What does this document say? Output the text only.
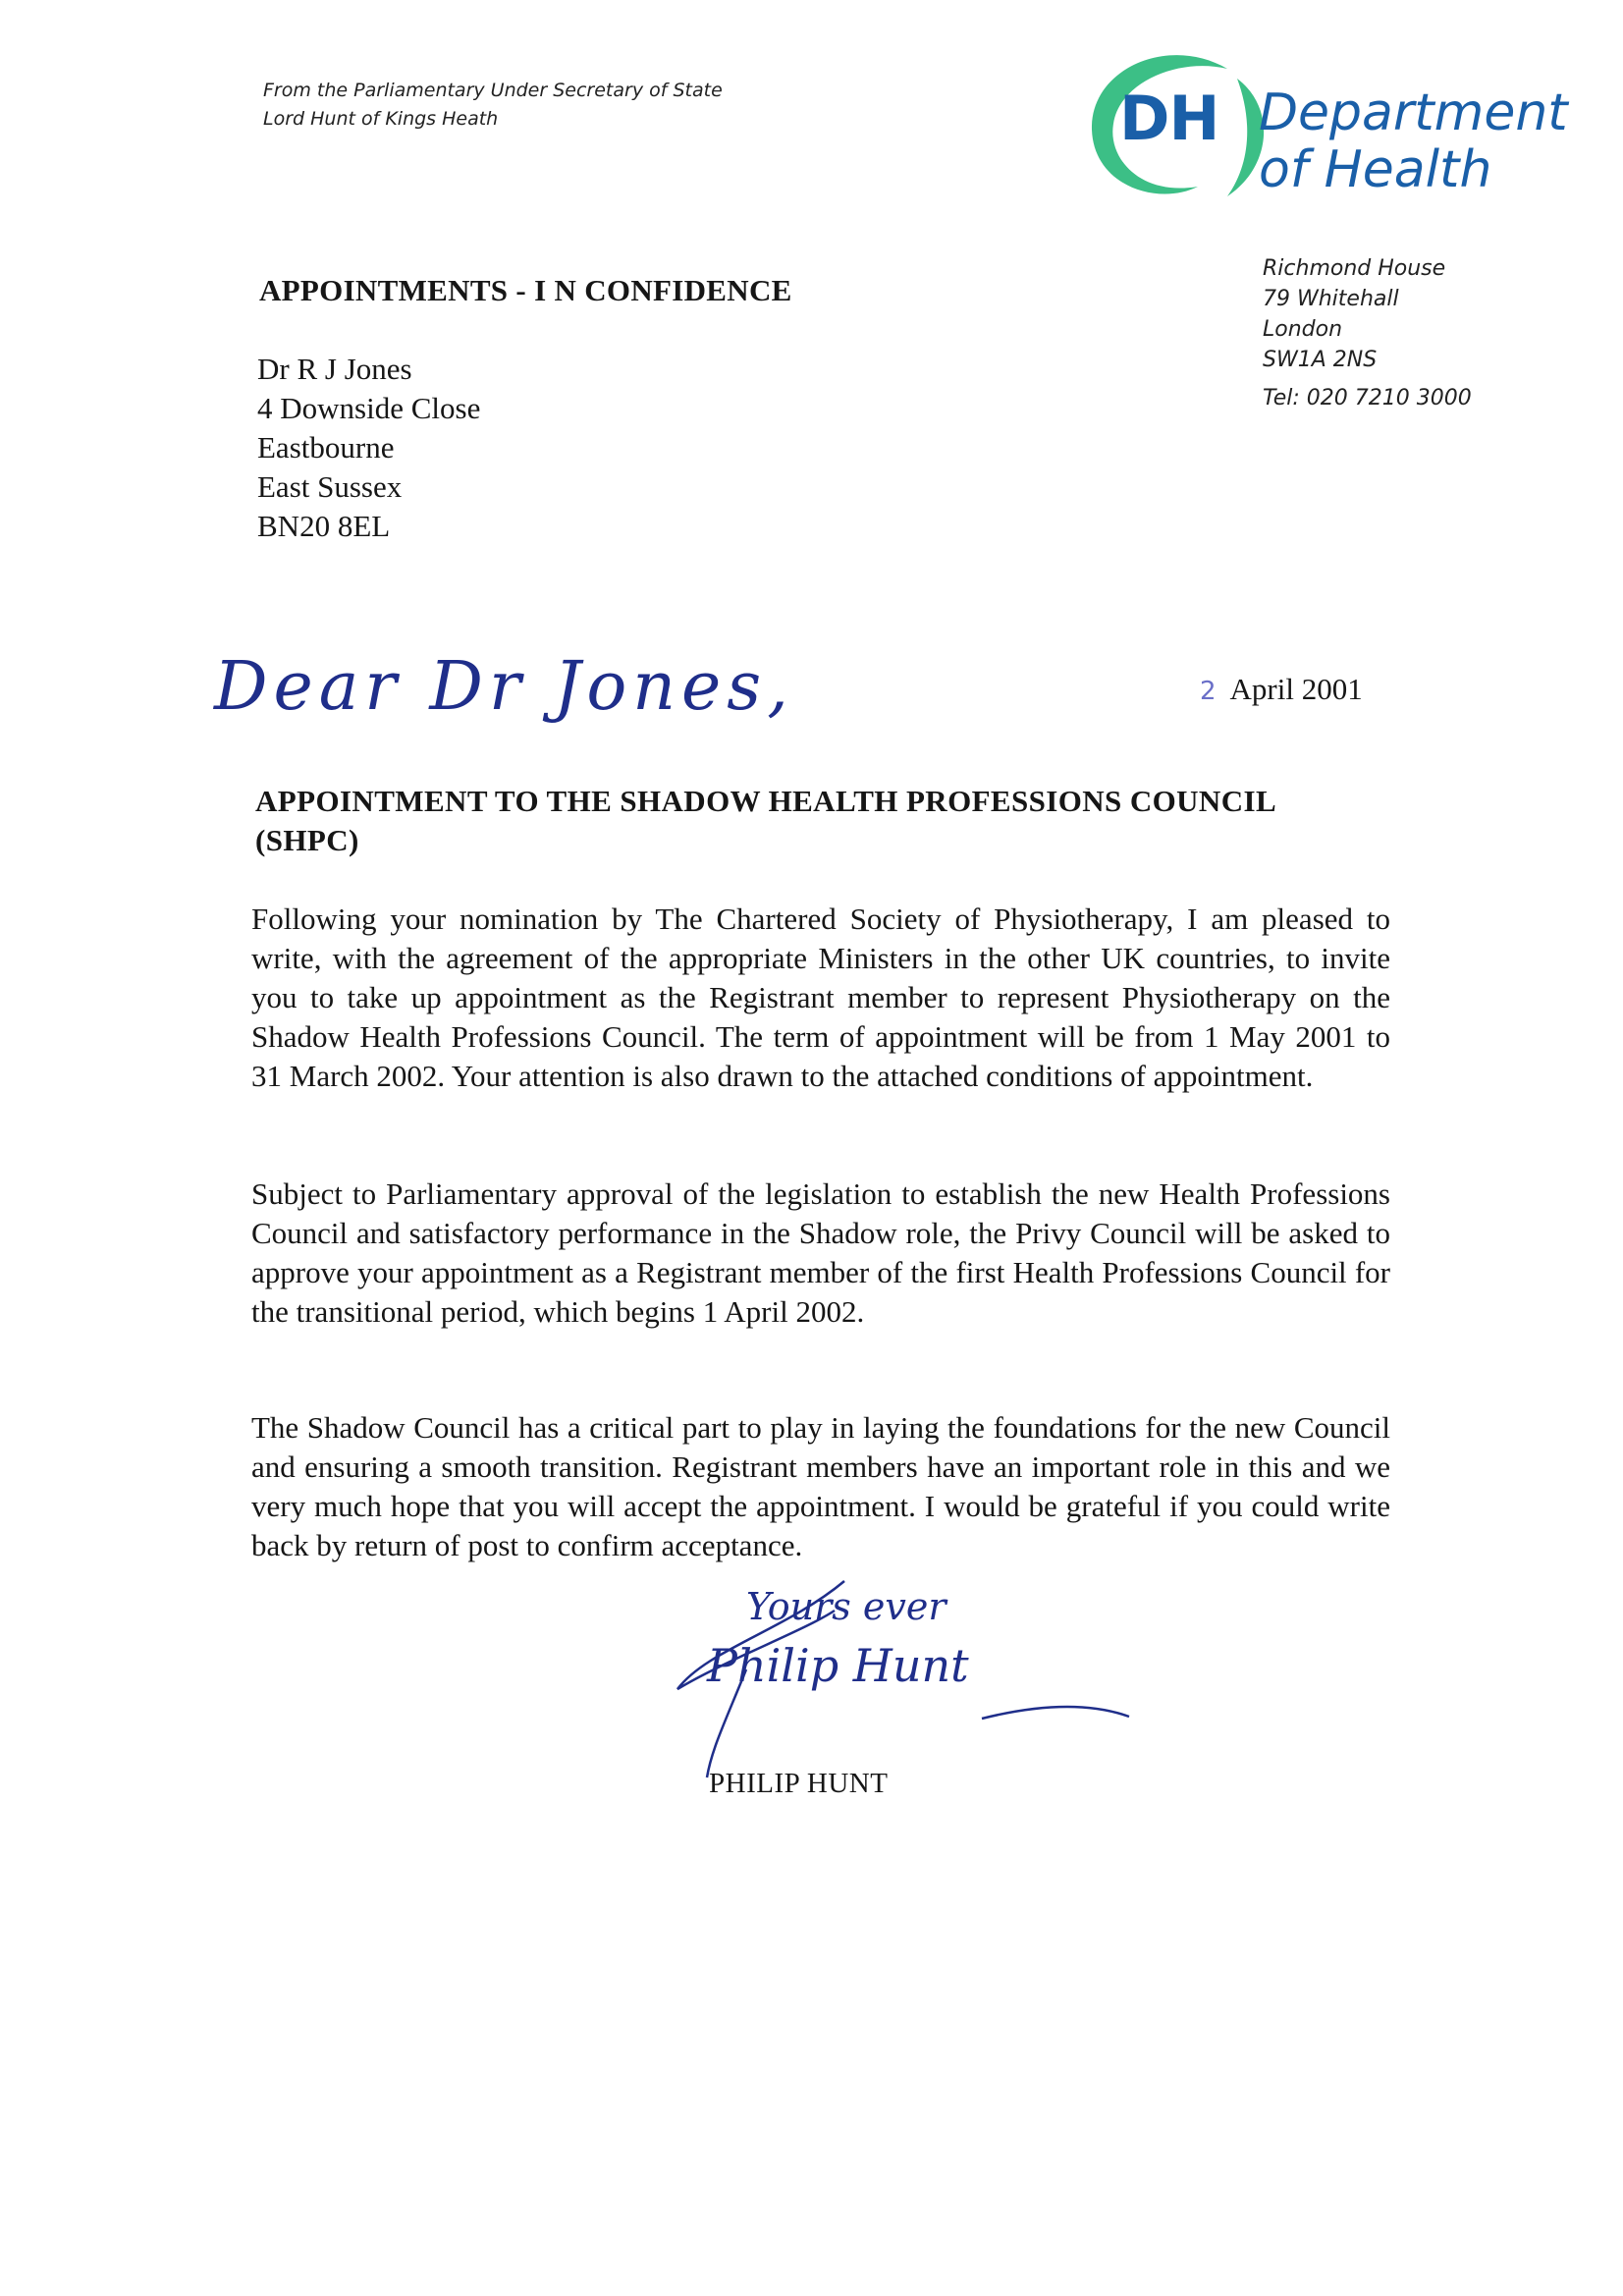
From the Parliamentary Under Secretary of State
Lord Hunt of Kings Heath	DH Department
of Health
Richmond House
79 Whitehall
London
SW1A 2NS
Tel: 020 7210 3000
APPOINTMENTS - I N CONFIDENCE
Dr R J Jones
4 Downside Close
Eastbourne
East Sussex
BN20 8EL
Dear Dr Jones,	2 April 2001
APPOINTMENT TO THE SHADOW HEALTH PROFESSIONS COUNCIL (SHPC)
Following your nomination by The Chartered Society of Physiotherapy, I am pleased to write, with the agreement of the appropriate Ministers in the other UK countries, to invite you to take up appointment as the Registrant member to represent Physiotherapy on the Shadow Health Professions Council. The term of appointment will be from 1 May 2001 to 31 March 2002. Your attention is also drawn to the attached conditions of appointment.
Subject to Parliamentary approval of the legislation to establish the new Health Professions Council and satisfactory performance in the Shadow role, the Privy Council will be asked to approve your appointment as a Registrant member of the first Health Professions Council for the transitional period, which begins 1 April 2002.
The Shadow Council has a critical part to play in laying the foundations for the new Council and ensuring a smooth transition. Registrant members have an important role in this and we very much hope that you will accept the appointment. I would be grateful if you could write back by return of post to confirm acceptance.
Yours ever
Philip Hunt
PHILIP HUNT
